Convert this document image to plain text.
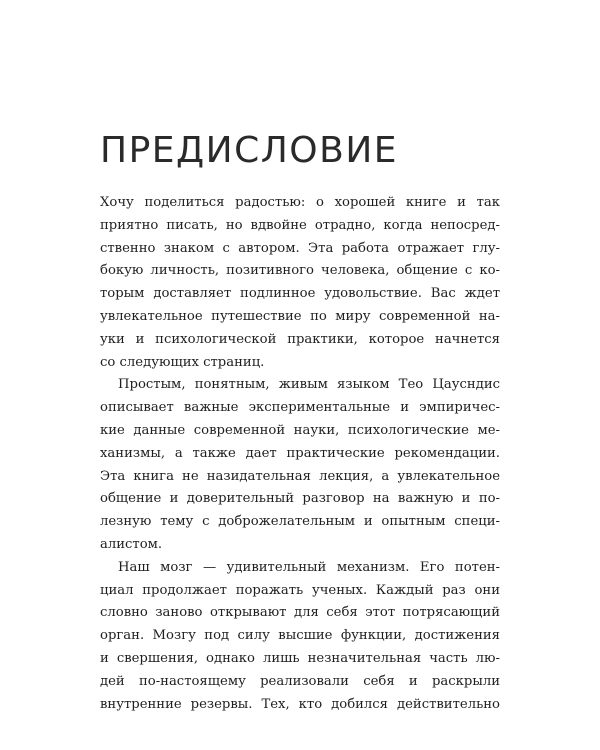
ПРЕДИСЛОВИЕ

Хочу поделиться радостью: о хорошей книге и так
приятно писать, но вдвойне отрадно, когда непосред-
ственно знаком с автором. Эта работа отражает глу-
бокую личность, позитивного человека, общение с ко-
торым доставляет подлинное удовольствие. Вас ждет
увлекательное путешествие по миру современной на-
уки и психологической практики, которое начнется
со следующих страниц.

Простым, понятным, живым языком Тео Цаусндис
описывает важные экспериментальные и эмпиричес-
кие данные современной науки, психологические ме-
ханизмы, а также дает практические рекомендации.
Эта книга не назидательная лекция, а увлекательное
общение и доверительный разговор на важную и по-
лезную тему с доброжелательным и опытным специ-
алистом.

Наш мозг — удивительный механизм. Его потен-
циал продолжает поражать ученых. Каждый раз они
словно заново открывают для себя этот потрясающий
орган. Мозгу под силу высшие функции, достижения
и свершения, однако лишь незначительная часть лю-
дей по-настоящему реализовали себя и раскрыли
внутренние резервы. Тех, кто добился действительно
